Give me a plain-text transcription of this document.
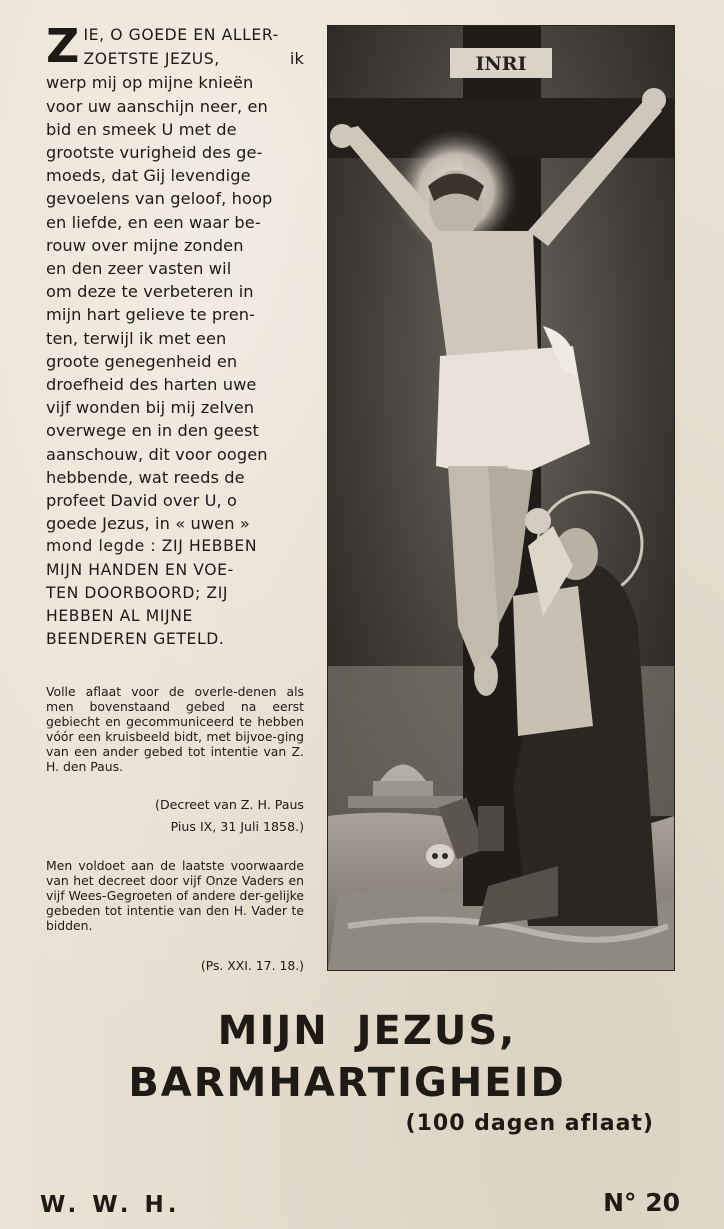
Z IE, O GOEDE EN ALLER-
ZOETSTE JEZUS,	ik
werp mij op mijne knieën
voor uw aanschijn neer, en
bid en smeek U met de
grootste vurigheid des ge-
moeds, dat Gij levendige
gevoelens van geloof, hoop
en liefde, en een waar be-
rouw over mijne zonden
en den zeer vasten wil
om deze te verbeteren in
mijn hart gelieve te pren-
ten, terwijl ik met een
groote genegenheid en
droefheid des harten uwe
vijf wonden bij mij zelven
overwege en in den geest
aanschouw, dit voor oogen
hebbende, wat reeds de
profeet David over U, o
goede Jezus, in « uwen »
mond legde : ZIJ HEBBEN
MIJN HANDEN EN VOE-
TEN DOORBOORD; ZIJ
HEBBEN AL MIJNE
BEENDEREN GETELD.
Volle aflaat voor de overle-denen als men bovenstaand gebed na eerst gebiecht en gecommuniceerd te hebben vóór een kruisbeeld bidt, met bijvoe-ging van een ander gebed tot intentie van Z. H. den Paus.
(Decreet van Z. H. Paus
Pius IX, 31 Juli 1858.)
Men voldoet aan de laatste voorwaarde van het decreet door vijf Onze Vaders en vijf Wees-Gegroeten of andere der-gelijke gebeden tot intentie van den H. Vader te bidden.
(Ps. XXI. 17. 18.)
INRI
MIJN JEZUS,
BARMHARTIGHEID
(100 dagen aflaat)
W. W. H.	N° 20
